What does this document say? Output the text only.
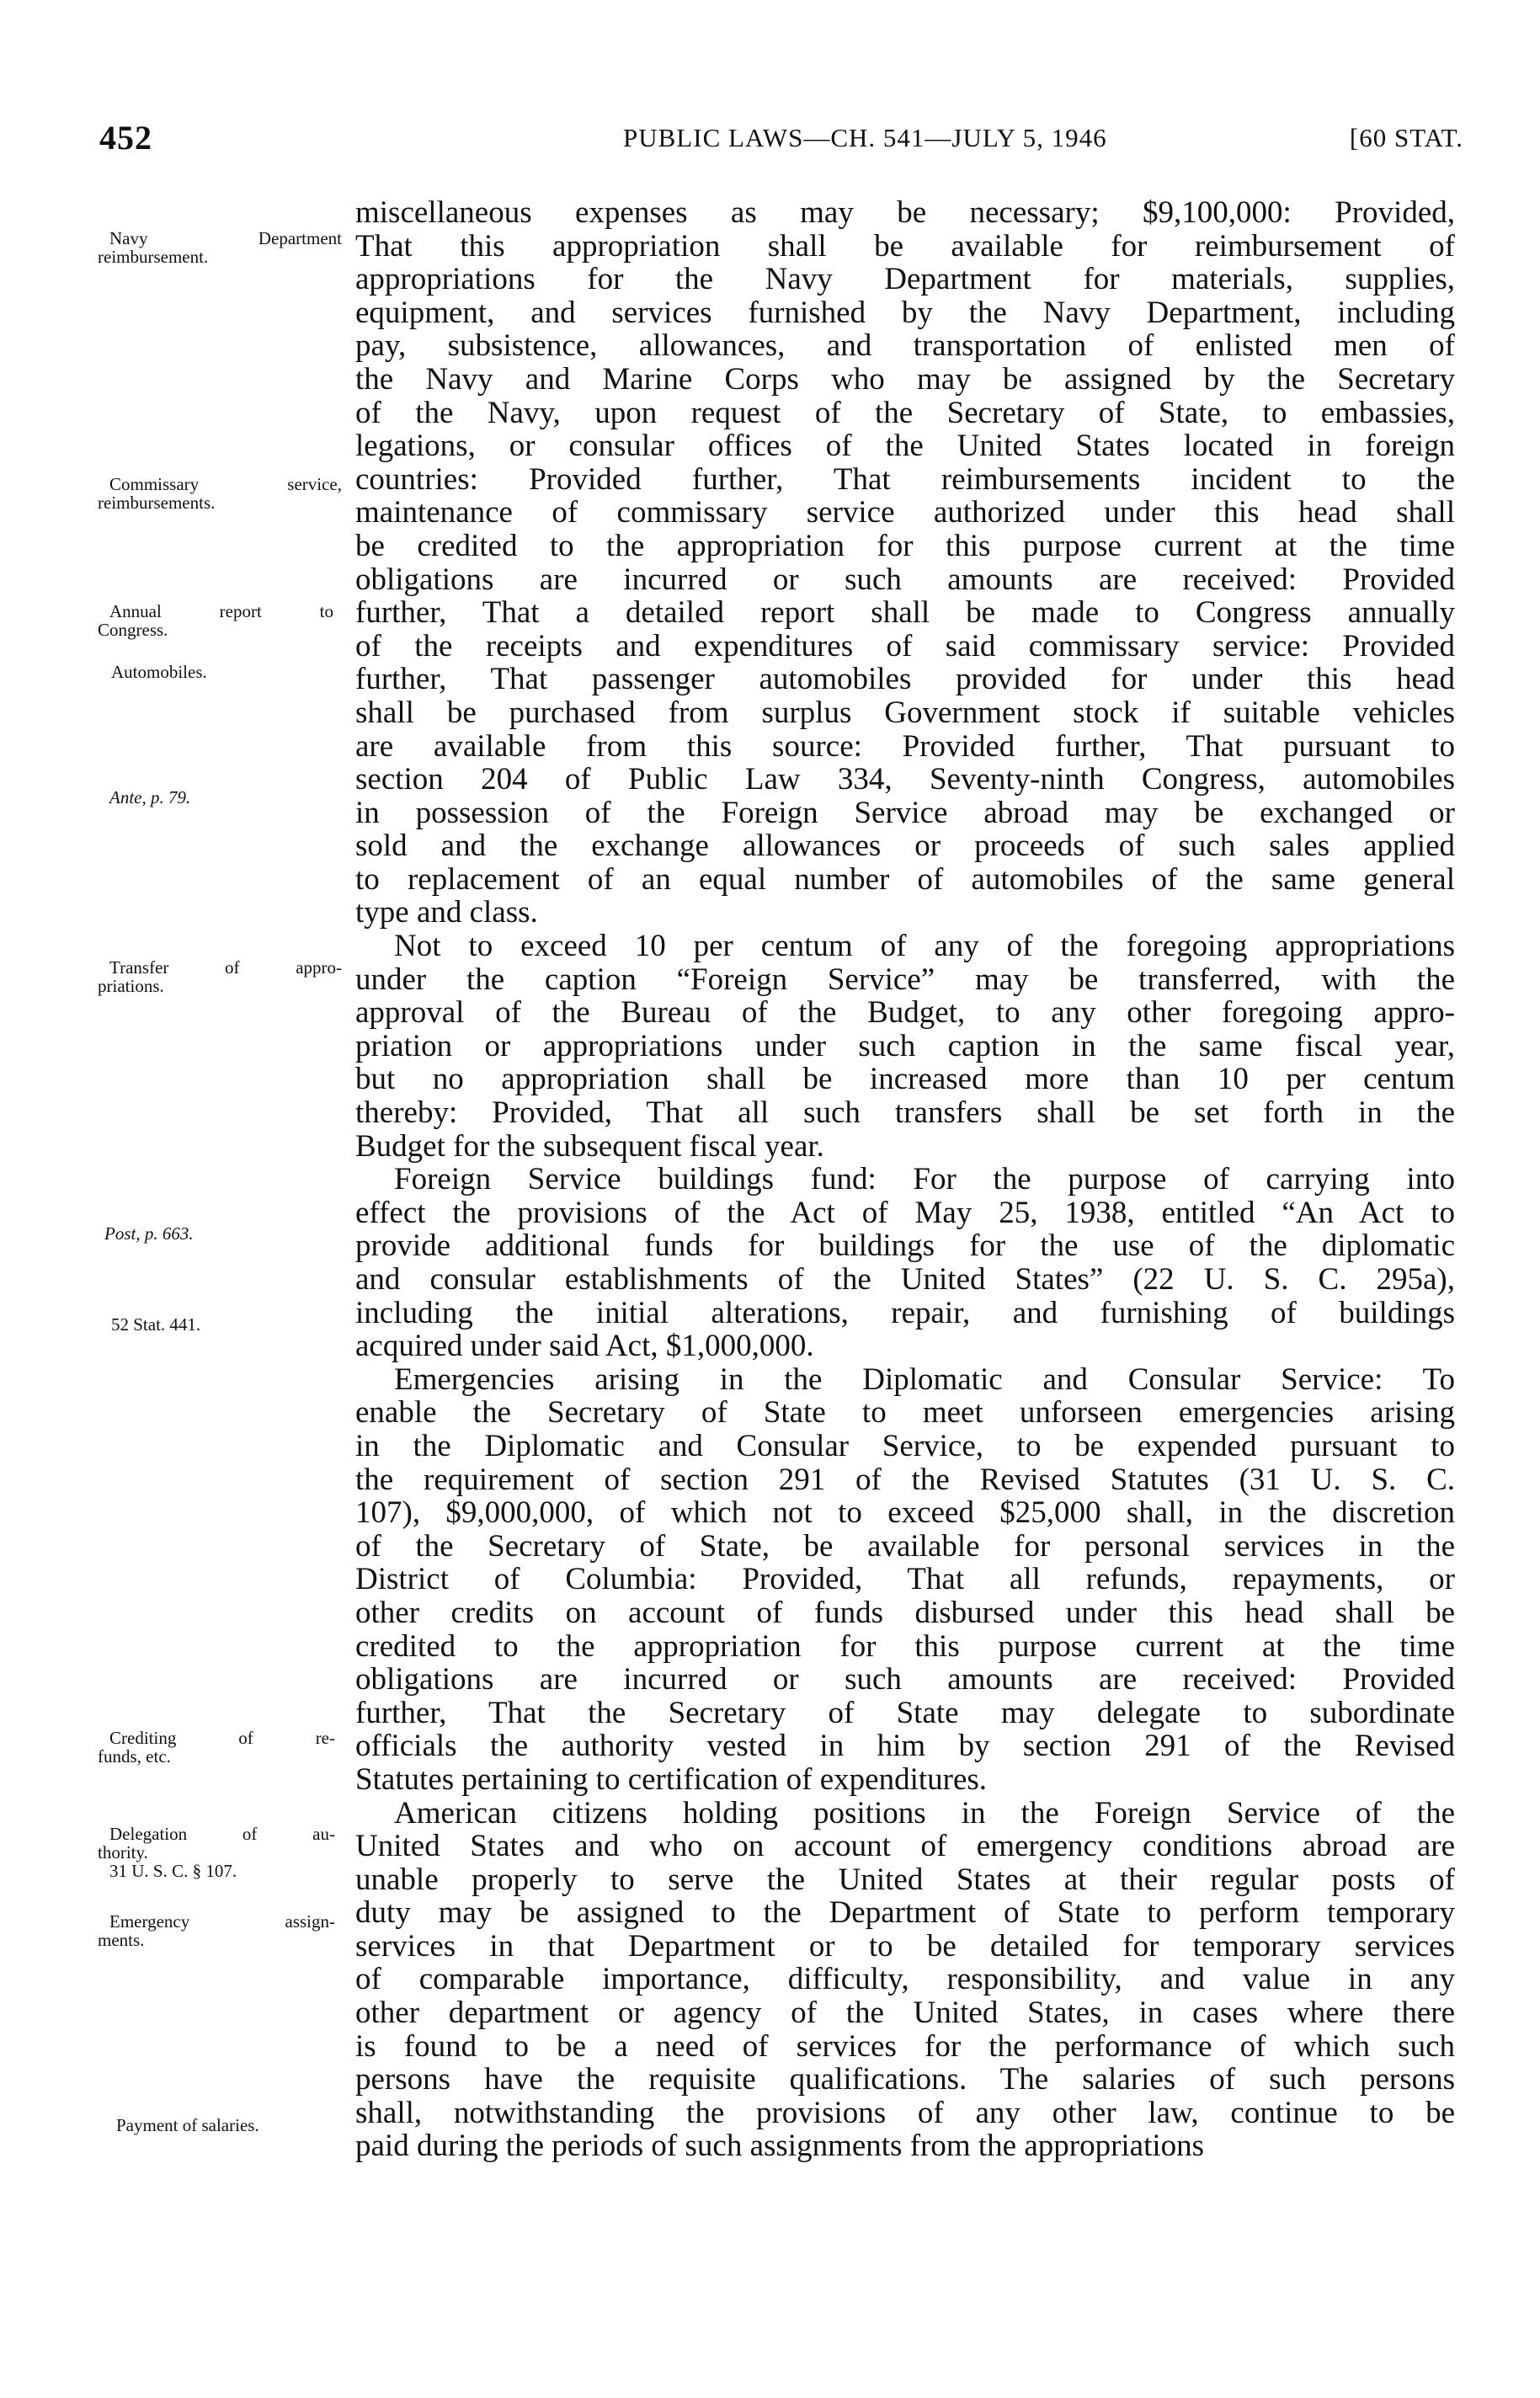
452	PUBLIC LAWS—CH. 541—JULY 5, 1946	[60 STAT.
Navy Department
reimbursement.
Commissary service,
reimbursements.
Annual report to
Congress.
Automobiles.
Ante, p. 79.
Transfer of appro-
priations.
Post, p. 663.
52 Stat. 441.
Crediting of re-
funds, etc.
Delegation of au-
thority.
31 U. S. C. § 107.
Emergency assign-
ments.
Payment of salaries.
miscellaneous expenses as may be necessary; $9,100,000: Provided,
That this appropriation shall be available for reimbursement of
appropriations for the Navy Department for materials, supplies,
equipment, and services furnished by the Navy Department, including
pay, subsistence, allowances, and transportation of enlisted men of
the Navy and Marine Corps who may be assigned by the Secretary
of the Navy, upon request of the Secretary of State, to embassies,
legations, or consular offices of the United States located in foreign
countries: Provided further, That reimbursements incident to the
maintenance of commissary service authorized under this head shall
be credited to the appropriation for this purpose current at the time
obligations are incurred or such amounts are received: Provided
further, That a detailed report shall be made to Congress annually
of the receipts and expenditures of said commissary service: Provided
further, That passenger automobiles provided for under this head
shall be purchased from surplus Government stock if suitable vehicles
are available from this source: Provided further, That pursuant to
section 204 of Public Law 334, Seventy-ninth Congress, automobiles
in possession of the Foreign Service abroad may be exchanged or
sold and the exchange allowances or proceeds of such sales applied
to replacement of an equal number of automobiles of the same general
type and class.
Not to exceed 10 per centum of any of the foregoing appropriations
under the caption “Foreign Service” may be transferred, with the
approval of the Bureau of the Budget, to any other foregoing appro-
priation or appropriations under such caption in the same fiscal year,
but no appropriation shall be increased more than 10 per centum
thereby: Provided, That all such transfers shall be set forth in the
Budget for the subsequent fiscal year.
Foreign Service buildings fund: For the purpose of carrying into
effect the provisions of the Act of May 25, 1938, entitled “An Act to
provide additional funds for buildings for the use of the diplomatic
and consular establishments of the United States” (22 U. S. C. 295a),
including the initial alterations, repair, and furnishing of buildings
acquired under said Act, $1,000,000.
Emergencies arising in the Diplomatic and Consular Service: To
enable the Secretary of State to meet unforseen emergencies arising
in the Diplomatic and Consular Service, to be expended pursuant to
the requirement of section 291 of the Revised Statutes (31 U. S. C.
107), $9,000,000, of which not to exceed $25,000 shall, in the discretion
of the Secretary of State, be available for personal services in the
District of Columbia: Provided, That all refunds, repayments, or
other credits on account of funds disbursed under this head shall be
credited to the appropriation for this purpose current at the time
obligations are incurred or such amounts are received: Provided
further, That the Secretary of State may delegate to subordinate
officials the authority vested in him by section 291 of the Revised
Statutes pertaining to certification of expenditures.
American citizens holding positions in the Foreign Service of the
United States and who on account of emergency conditions abroad are
unable properly to serve the United States at their regular posts of
duty may be assigned to the Department of State to perform temporary
services in that Department or to be detailed for temporary services
of comparable importance, difficulty, responsibility, and value in any
other department or agency of the United States, in cases where there
is found to be a need of services for the performance of which such
persons have the requisite qualifications. The salaries of such persons
shall, notwithstanding the provisions of any other law, continue to be
paid during the periods of such assignments from the appropriations
